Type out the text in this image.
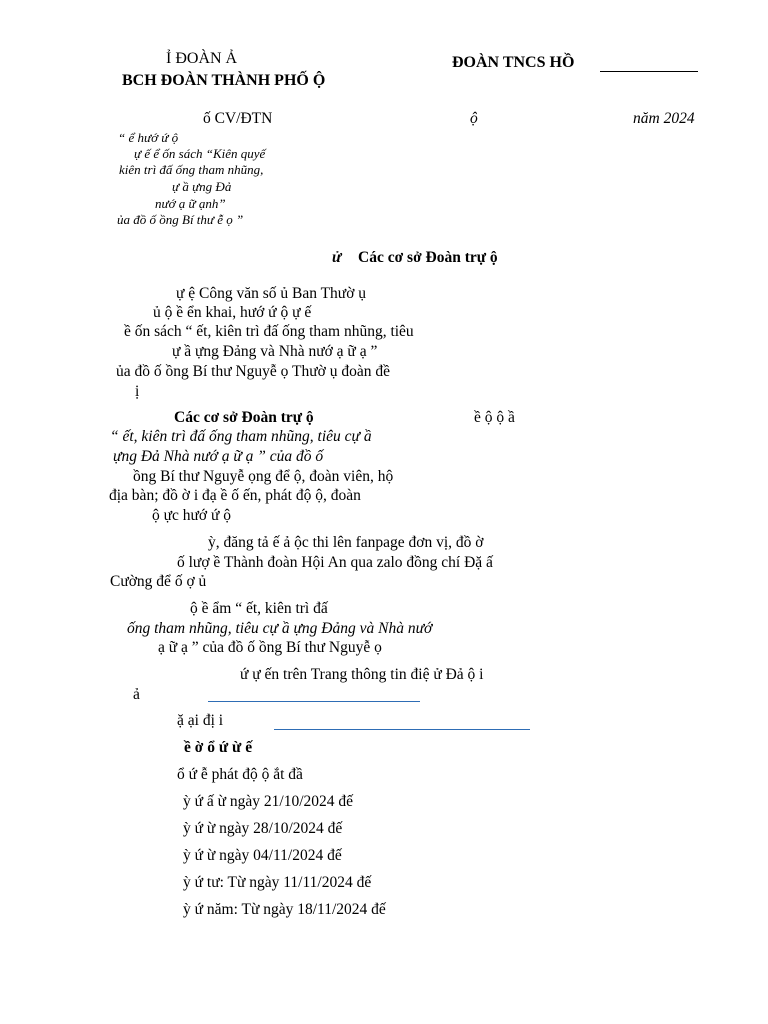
Ỉ ĐOÀN Ả
BCH ĐOÀN THÀNH PHỐ Ộ
ĐOÀN TNCS HỒ
ố CV/ĐTN	ộ	năm 2024
“ ể hướ ứ ộ
ự ế ể ốn sách “Kiên quyế
kiên trì đấ ống tham nhũng,
ự ầ ựng Đả
nướ ạ ữ ạnh”
ủa đồ ố ồng Bí thư ễ ọ ”
ử Các cơ sở Đoàn trự ộ
ự ệ Công văn số ủ Ban Thườ ụ
ủ ộ ề ển khai, hướ ứ ộ ự ế
ề ốn sách “ ết, kiên trì đấ ống tham nhũng, tiêu
ự ầ ựng Đảng và Nhà nướ ạ ữ ạ ”
ủa đồ ố ồng Bí thư Nguyễ ọ Thườ ụ đoàn đề
ị
Các cơ sở Đoàn trự ộ	ề ộ ộ ầ
“ ết, kiên trì đấ ống tham nhũng, tiêu cự ầ
ựng Đả Nhà nướ ạ ữ ạ ” của đồ ố
ồng Bí thư Nguyễ ọng để ộ, đoàn viên, hộ
địa bàn; đồ ờ i đạ ề ố ến, phát độ ộ, đoàn
ộ ực hướ ứ ộ
ỳ, đăng tả ế ả ộc thi lên fanpage đơn vị, đồ ờ
ố lượ ề Thành đoàn Hội An qua zalo đồng chí Đặ ấ
Cường để ố ợ ủ
ộ ề ẩm “ ết, kiên trì đấ
ống tham nhũng, tiêu cự ầ ựng Đảng và Nhà nướ
ạ ữ ạ ” của đồ ố ồng Bí thư Nguyễ ọ
ứ ự ến trên Trang thông tin điệ ử Đả ộ i
ả
ặ ại đị i
ề ờ ổ ứ ừ ế
ổ ứ ễ phát độ ộ ắt đầ
ỳ ứ ấ ừ ngày 21/10/2024 đế
ỳ ứ ừ ngày 28/10/2024 đế
ỳ ứ ừ ngày 04/11/2024 đế
ỳ ứ tư: Từ ngày 11/11/2024 đế
ỳ ứ năm: Từ ngày 18/11/2024 đế
